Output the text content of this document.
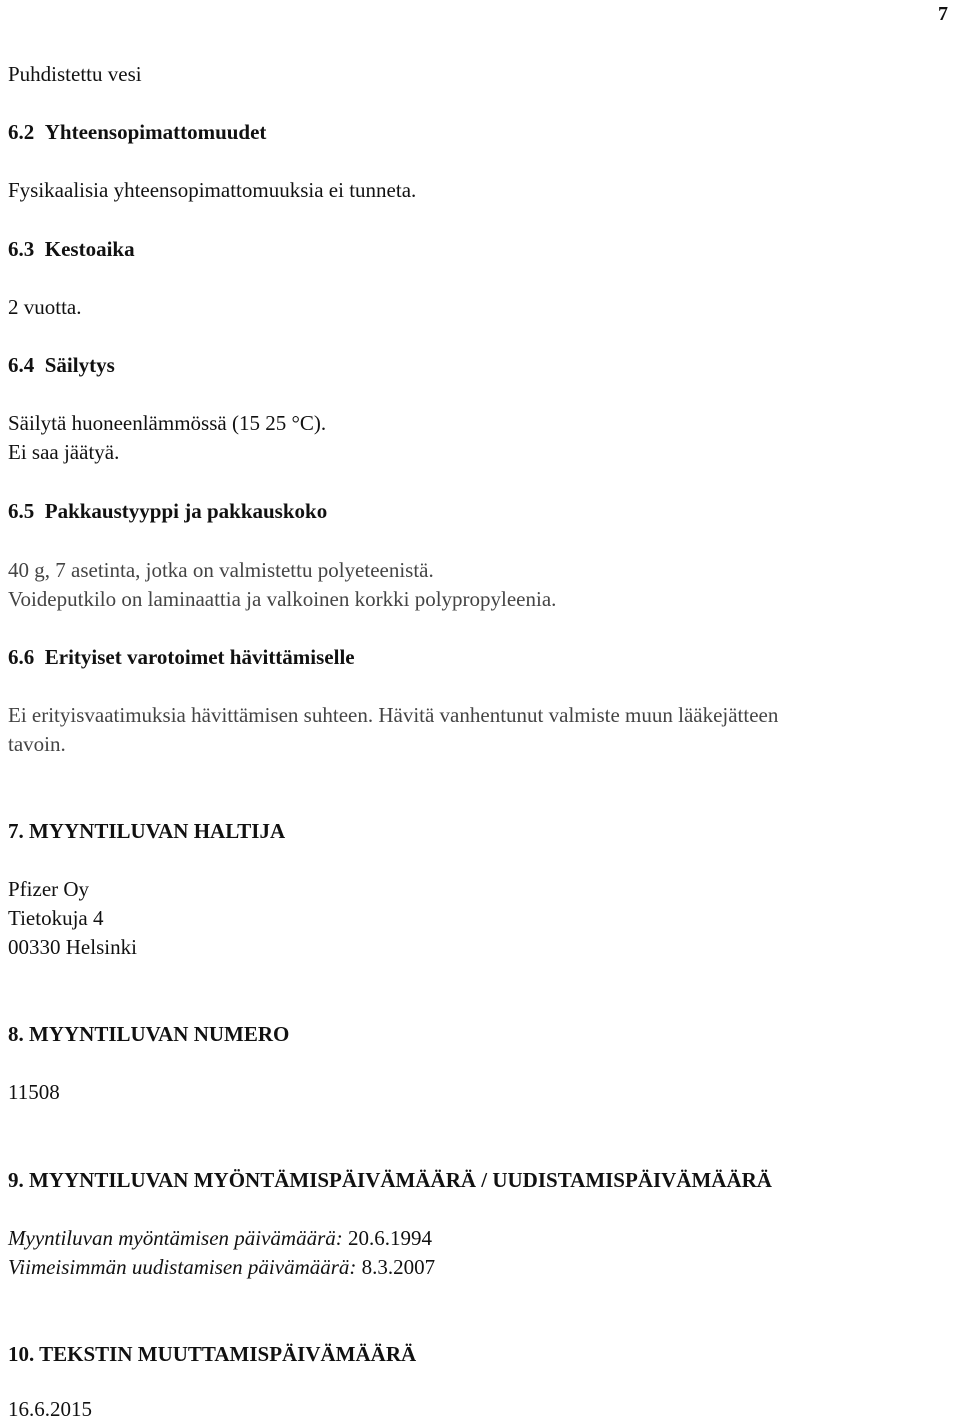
7
Puhdistettu vesi
6.2 Yhteensopimattomuudet
Fysikaalisia yhteensopimattomuuksia ei tunneta.
6.3 Kestoaika
2 vuotta.
6.4 Säilytys
Säilytä huoneenlämmössä (15 25 °C).
Ei saa jäätyä.
6.5 Pakkaustyyppi ja pakkauskoko
40 g, 7 asetinta, jotka on valmistettu polyeteenistä.
Voideputkilo on laminaattia ja valkoinen korkki polypropyleenia.
6.6 Erityiset varotoimet hävittämiselle
Ei erityisvaatimuksia hävittämisen suhteen. Hävitä vanhentunut valmiste muun lääkejätteen
tavoin.
7. MYYNTILUVAN HALTIJA
Pfizer Oy
Tietokuja 4
00330 Helsinki
8. MYYNTILUVAN NUMERO
11508
9. MYYNTILUVAN MYÖNTÄMISPÄIVÄMÄÄRÄ / UUDISTAMISPÄIVÄMÄÄRÄ
Myyntiluvan myöntämisen päivämäärä: 20.6.1994
Viimeisimmän uudistamisen päivämäärä: 8.3.2007
10. TEKSTIN MUUTTAMISPÄIVÄMÄÄRÄ
16.6.2015
